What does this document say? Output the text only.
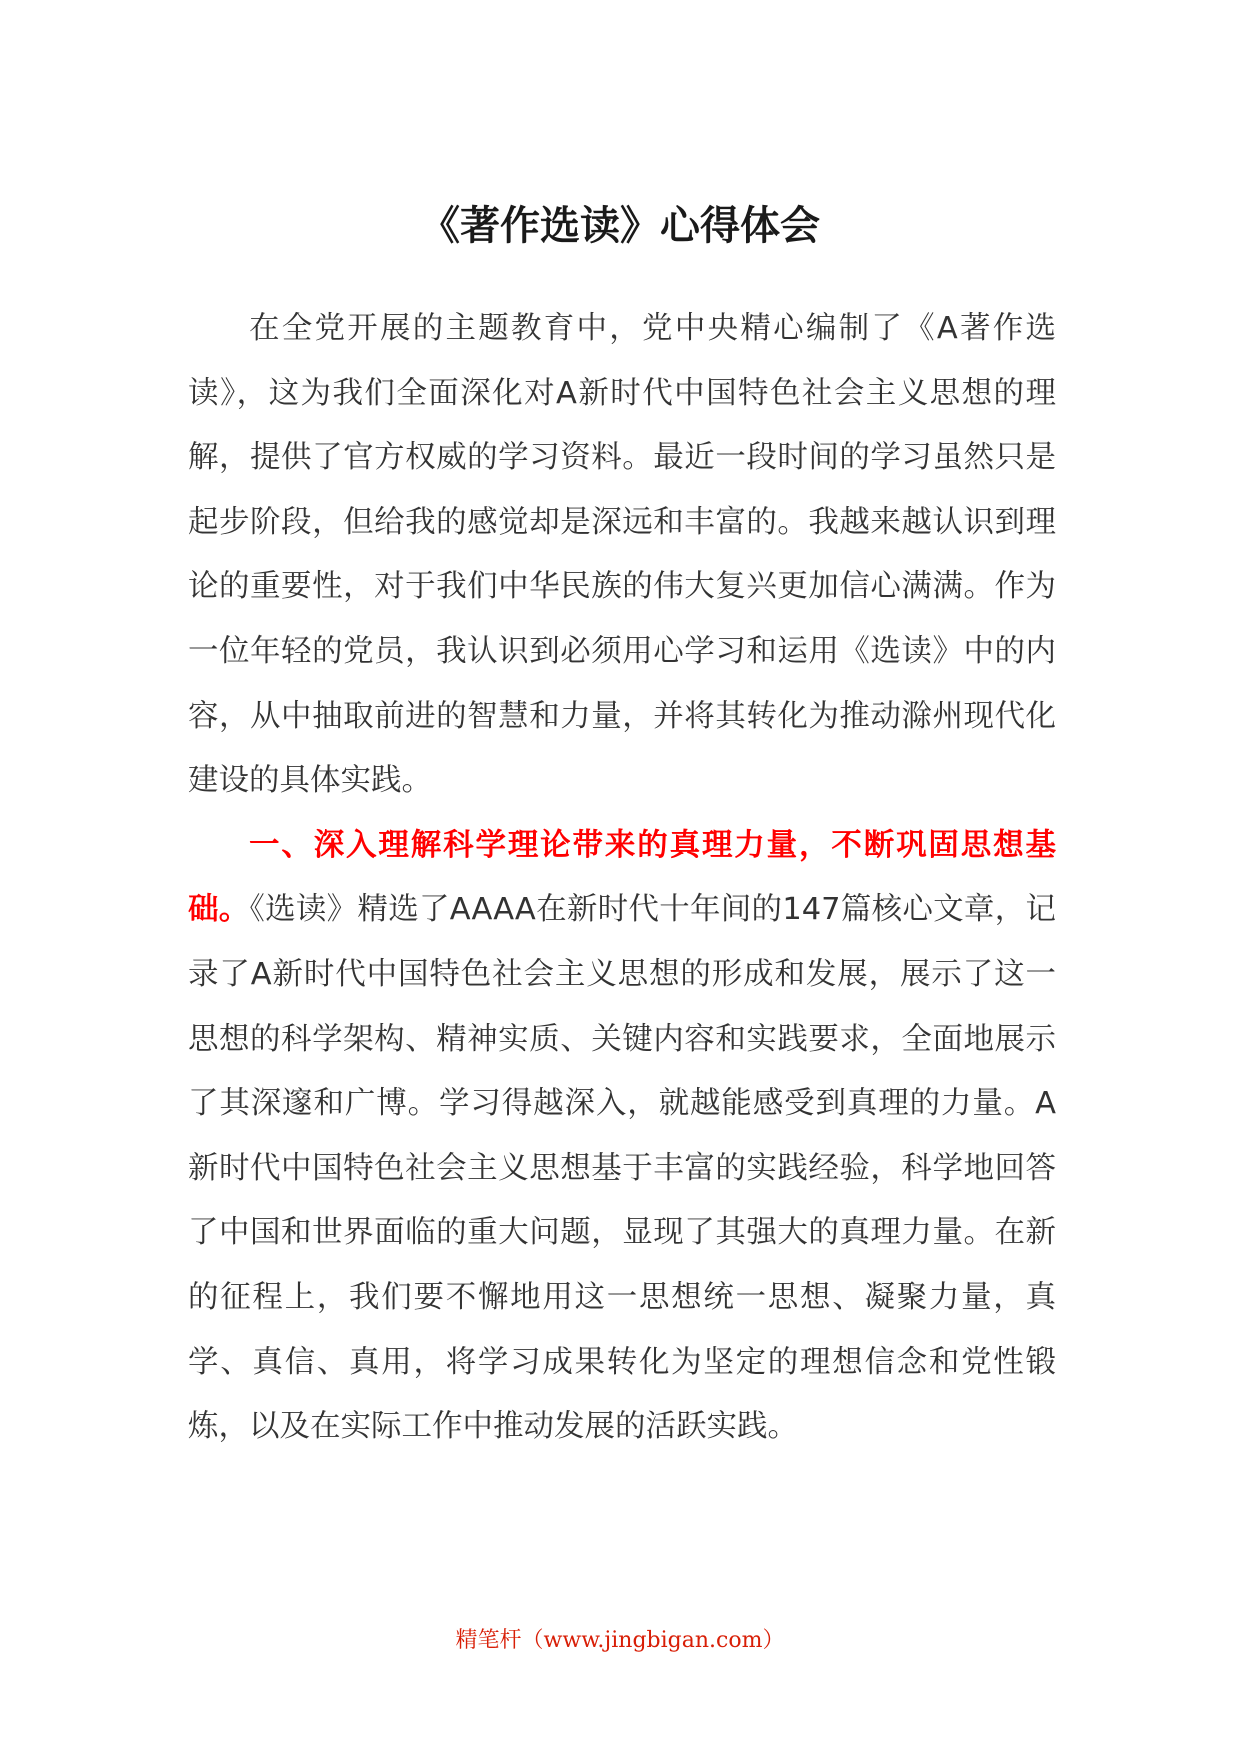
《著作选读》心得体会

在全党开展的主题教育中，党中央精心编制了《A著作选读》，这为我们全面深化对A新时代中国特色社会主义思想的理解，提供了官方权威的学习资料。最近一段时间的学习虽然只是起步阶段，但给我的感觉却是深远和丰富的。我越来越认识到理论的重要性，对于我们中华民族的伟大复兴更加信心满满。作为一位年轻的党员，我认识到必须用心学习和运用《选读》中的内容，从中抽取前进的智慧和力量，并将其转化为推动滁州现代化建设的具体实践。

一、深入理解科学理论带来的真理力量，不断巩固思想基础。《选读》精选了AAAA在新时代十年间的147篇核心文章，记录了A新时代中国特色社会主义思想的形成和发展，展示了这一思想的科学架构、精神实质、关键内容和实践要求，全面地展示了其深邃和广博。学习得越深入，就越能感受到真理的力量。A新时代中国特色社会主义思想基于丰富的实践经验，科学地回答了中国和世界面临的重大问题，显现了其强大的真理力量。在新的征程上，我们要不懈地用这一思想统一思想、凝聚力量，真学、真信、真用，将学习成果转化为坚定的理想信念和党性锻炼，以及在实际工作中推动发展的活跃实践。

精笔杆（www.jingbigan.com）
